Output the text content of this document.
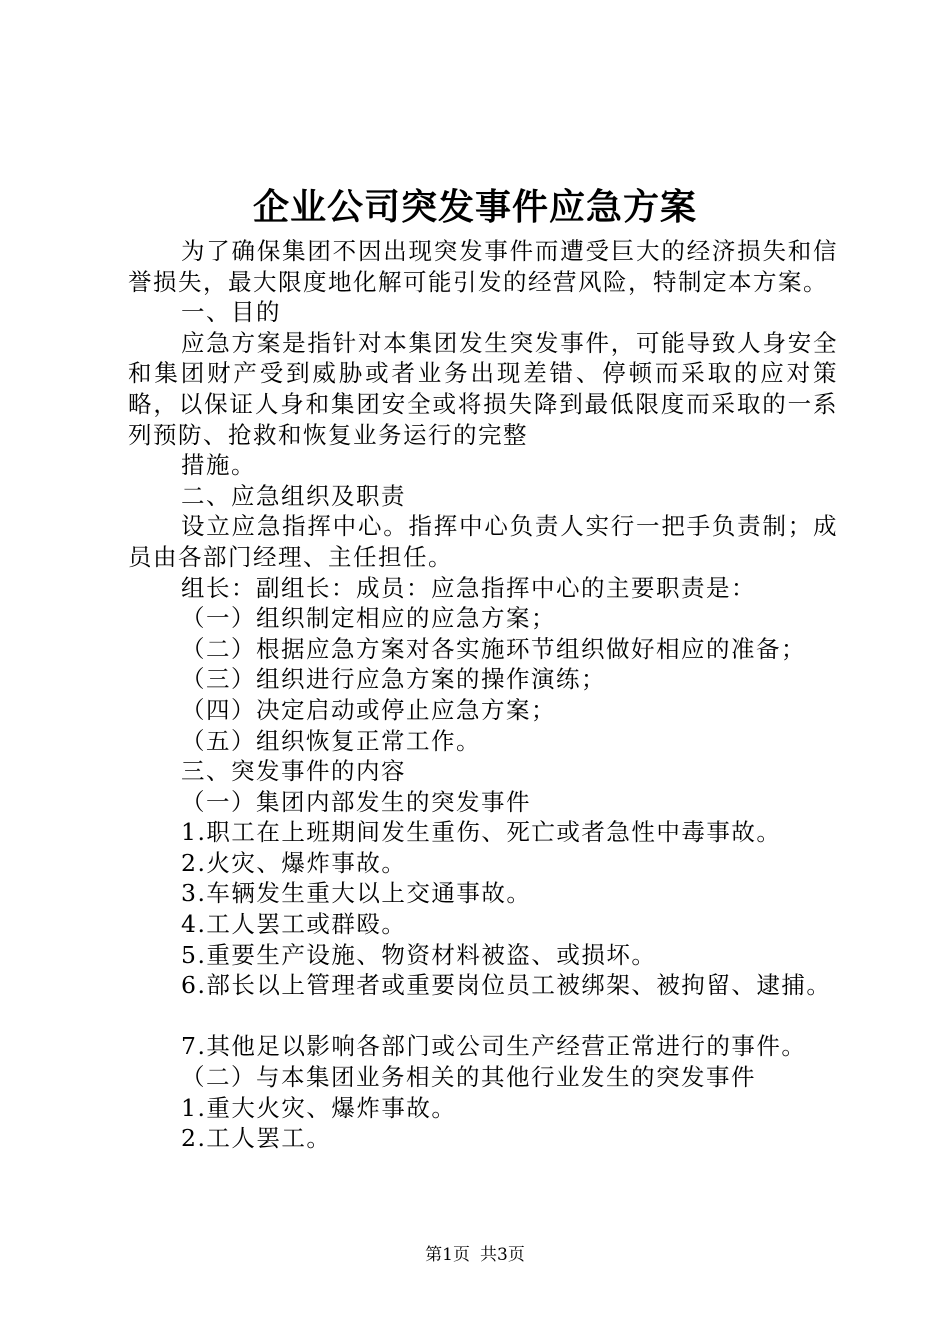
企业公司突发事件应急方案

为了确保集团不因出现突发事件而遭受巨大的经济损失和信誉损失，最大限度地化解可能引发的经营风险，特制定本方案。

一、目的

应急方案是指针对本集团发生突发事件，可能导致人身安全和集团财产受到威胁或者业务出现差错、停顿而采取的应对策略，以保证人身和集团安全或将损失降到最低限度而采取的一系列预防、抢救和恢复业务运行的完整

措施。

二、应急组织及职责

设立应急指挥中心。指挥中心负责人实行一把手负责制；成员由各部门经理、主任担任。

组长：副组长：成员：应急指挥中心的主要职责是：

（一）组织制定相应的应急方案；

（二）根据应急方案对各实施环节组织做好相应的准备；

（三）组织进行应急方案的操作演练；

（四）决定启动或停止应急方案；

（五）组织恢复正常工作。

三、突发事件的内容

（一）集团内部发生的突发事件

1.职工在上班期间发生重伤、死亡或者急性中毒事故。

2.火灾、爆炸事故。

3.车辆发生重大以上交通事故。

4.工人罢工或群殴。

5.重要生产设施、物资材料被盗、或损坏。

6.部长以上管理者或重要岗位员工被绑架、被拘留、逮捕。

7.其他足以影响各部门或公司生产经营正常进行的事件。

（二）与本集团业务相关的其他行业发生的突发事件

1.重大火灾、爆炸事故。

2.工人罢工。

第1页 共3页
